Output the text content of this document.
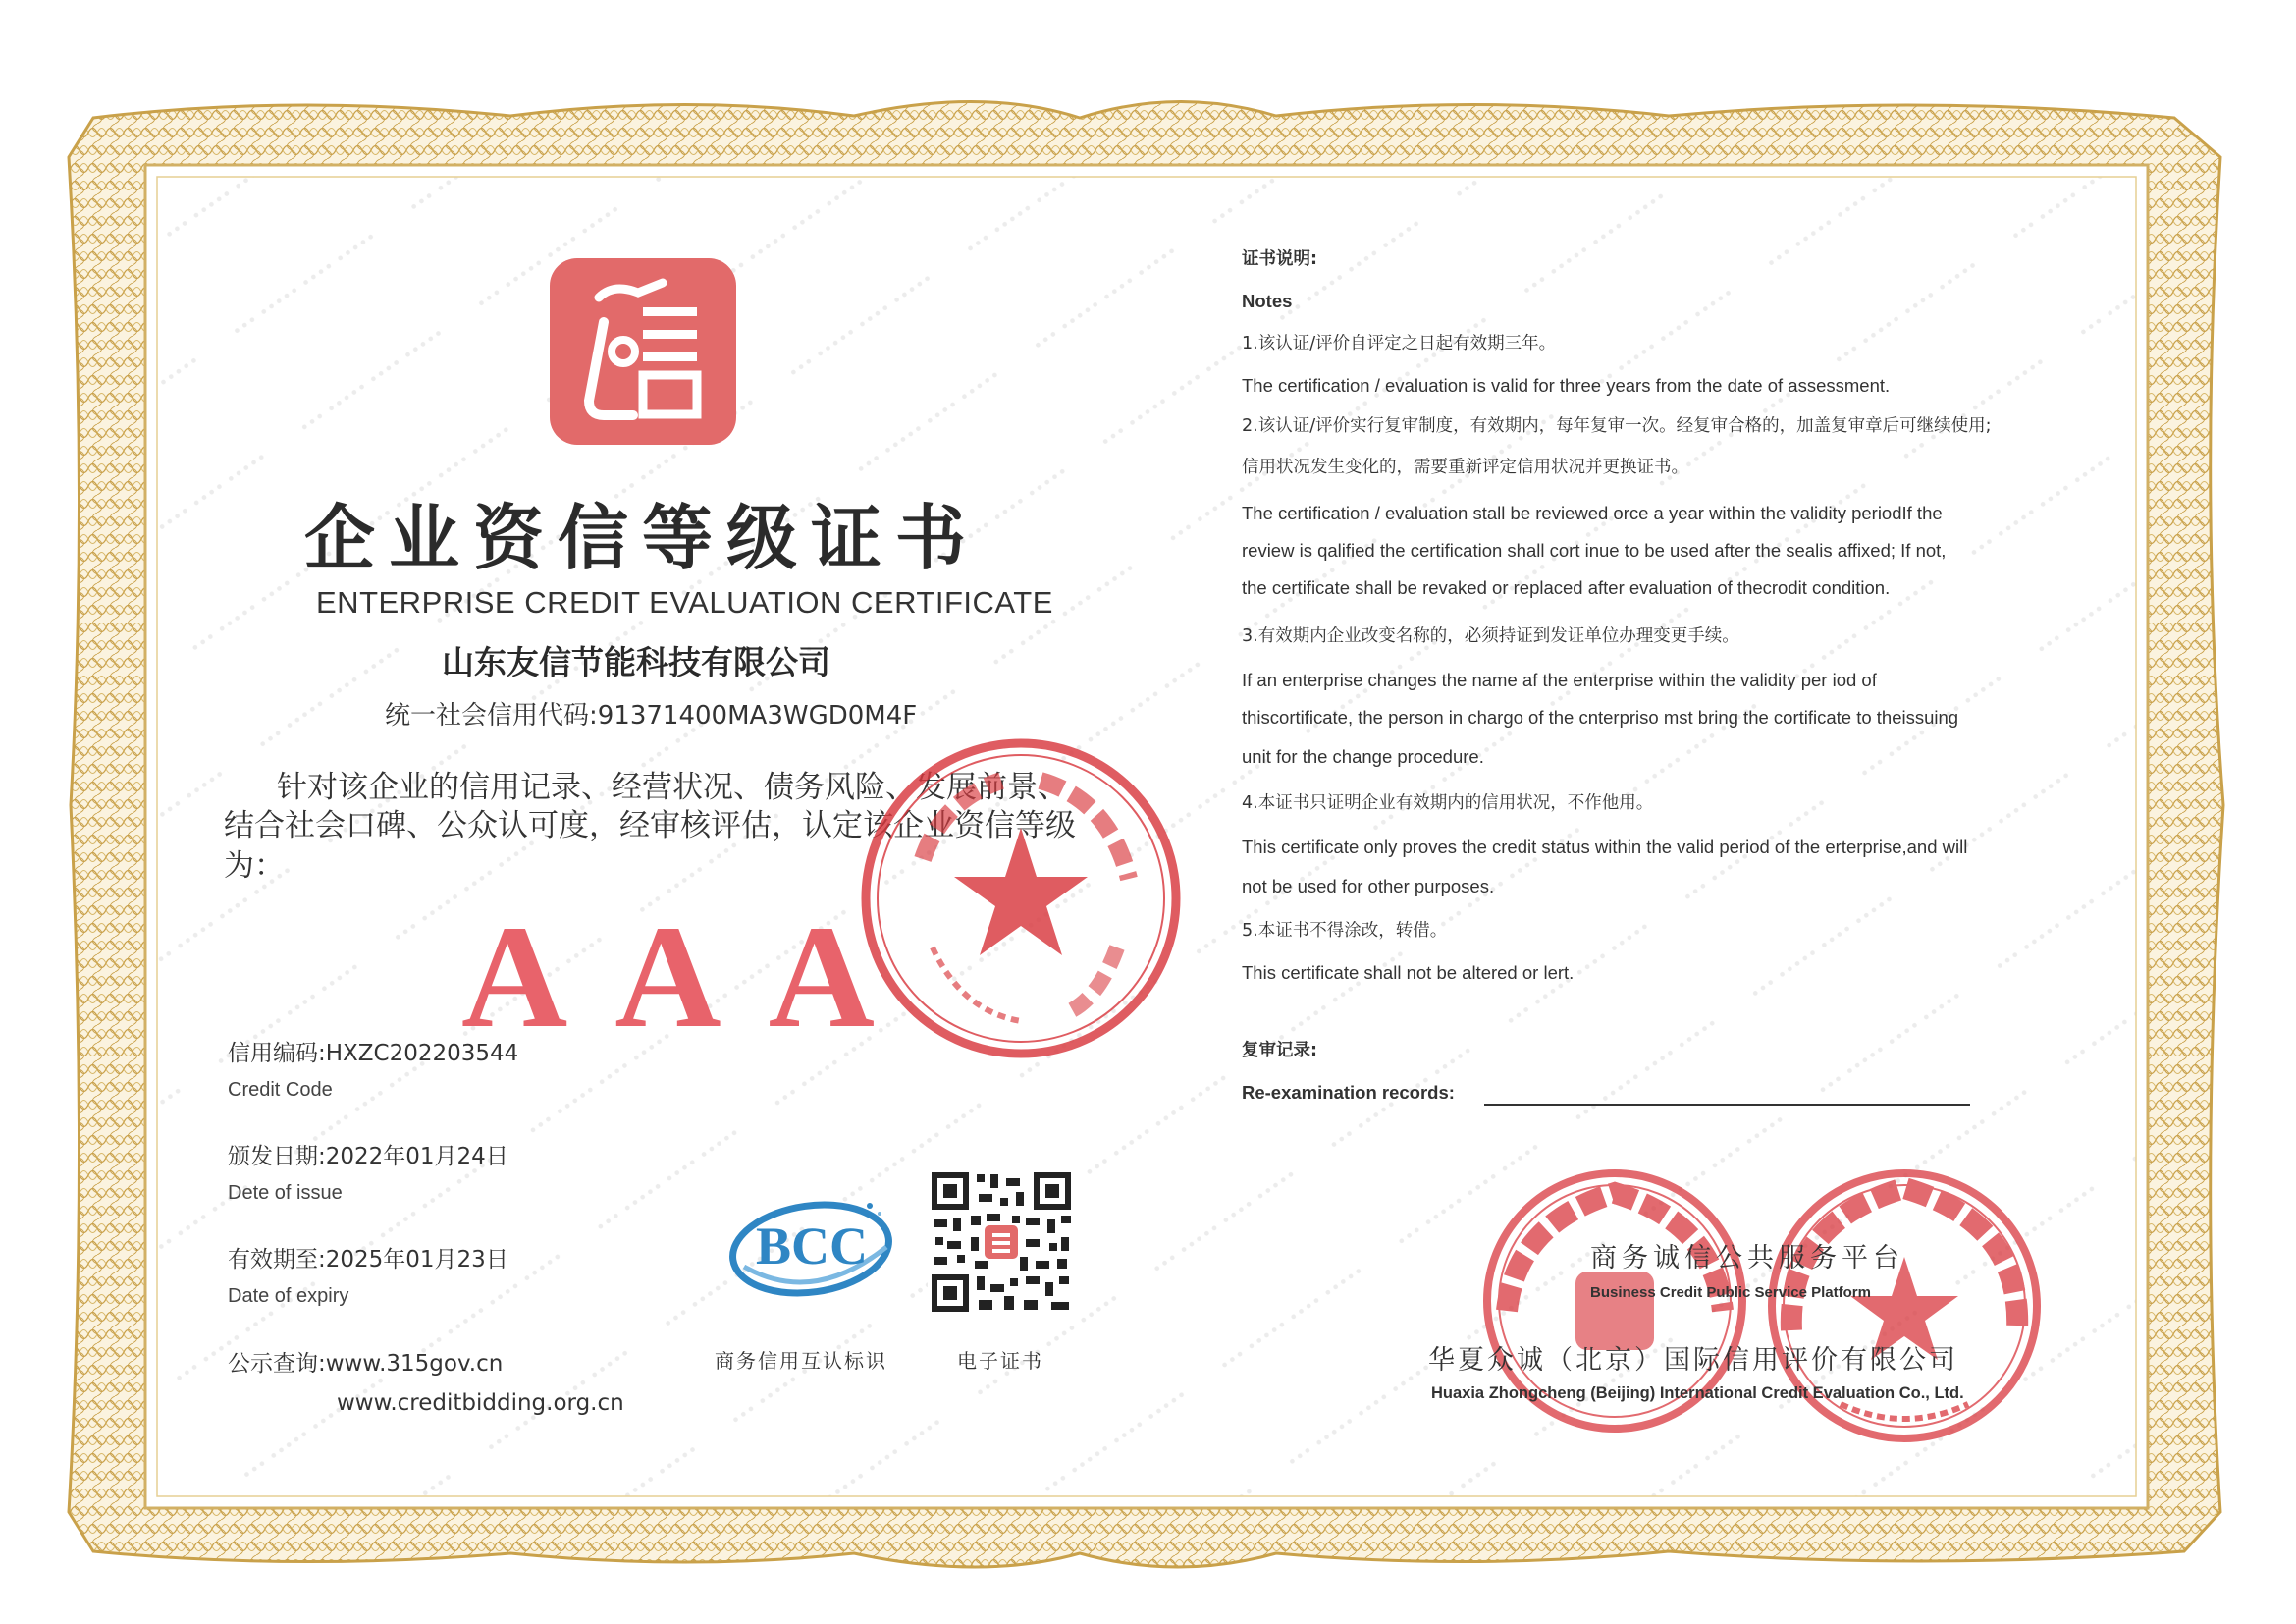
企业资信等级证书
ENTERPRISE CREDIT EVALUATION CERTIFICATE
山东友信节能科技有限公司
统一社会信用代码:91371400MA3WGD0M4F
针对该企业的信用记录、经营状况、债务风险、发展前景、
结合社会口碑、公众认可度，经审核评估，认定该企业资信等级
为：
AAA
信用编码:HXZC202203544
Credit Code
颁发日期:2022年01月24日
Dete of issue
有效期至:2025年01月23日
Date of expiry
公示查询:www.315gov.cn
www.creditbidding.org.cn
BCC
商务信用互认标识	电子证书
证书说明:
Notes
1.该认证/评价自评定之日起有效期三年。
The certification / evaluation is valid for three years from the date of assessment.
2.该认证/评价实行复审制度，有效期内，每年复审一次。经复审合格的，加盖复审章后可继续使用;
信用状况发生变化的，需要重新评定信用状况并更换证书。
The certification / evaluation stall be reviewed orce a year within the validity periodIf the
review is qalified the certification shall cort inue to be used after the sealis affixed; If not,
the certificate shall be revaked or replaced after evaluation of thecrodit condition.
3.有效期内企业改变名称的，必须持证到发证单位办理变更手续。
If an enterprise changes the name af the enterprise within the validity per iod of
thiscortificate, the person in chargo of the cnterpriso mst bring the cortificate to theissuing
unit for the change procedure.
4.本证书只证明企业有效期内的信用状况，不作他用。
This certificate only proves the credit status within the valid period of the erterprise,and will
not be used for other purposes.
5.本证书不得涂改，转借。
This certificate shall not be altered or lert.
复审记录:
Re-examination records:
商务诚信公共服务平台
Business Credit Public Service Platform
华夏众诚（北京）国际信用评价有限公司
Huaxia Zhongcheng (Beijing) International Credit Evaluation Co., Ltd.
